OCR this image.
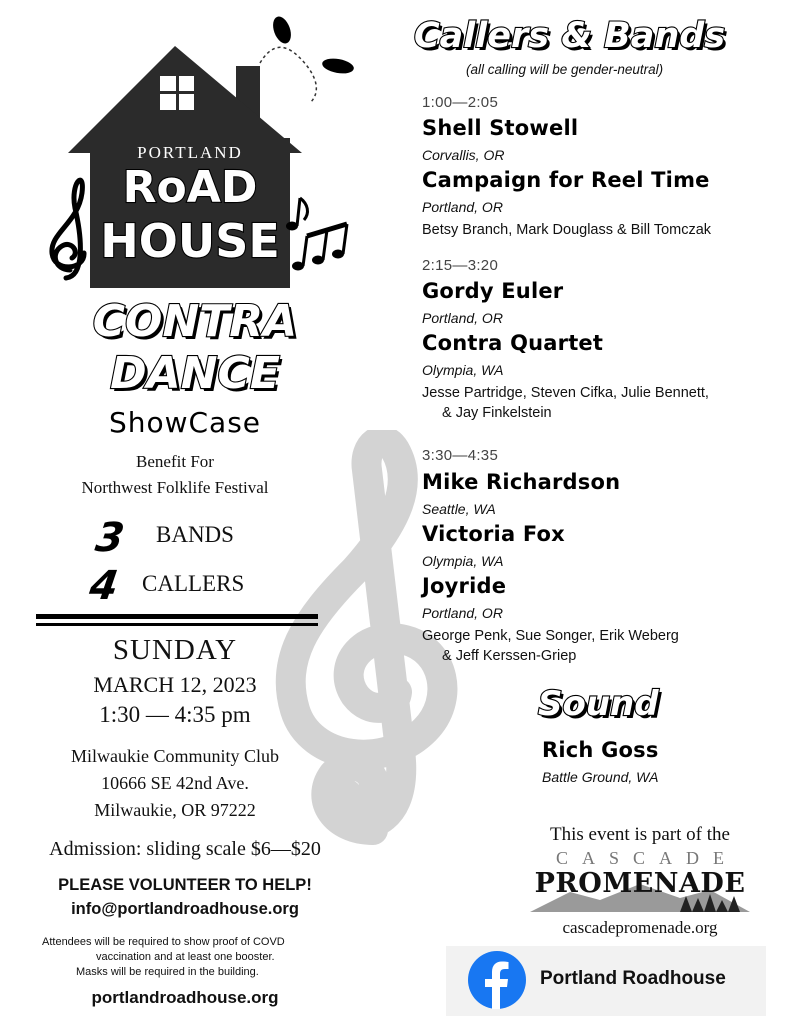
PORTLAND
RoAD
HOUSE
CONTRA
DANCE
ShowCase
Benefit For
Northwest Folklife Festival
3 BANDS
4 CALLERS
SUNDAY
MARCH 12, 2023
1:30 — 4:35 pm
Milwaukie Community Club
10666 SE 42nd Ave.
Milwaukie, OR 97222
Admission: sliding scale $6—$20
PLEASE VOLUNTEER TO HELP!
info@portlandroadhouse.org
Attendees will be required to show proof of COVD
vaccination and at least one booster.
Masks will be required in the building.
portlandroadhouse.org
Callers & Bands
(all calling will be gender-neutral)
1:00—2:05
Shell Stowell
Corvallis, OR
Campaign for Reel Time
Portland, OR
Betsy Branch, Mark Douglass & Bill Tomczak
2:15—3:20
Gordy Euler
Portland, OR
Contra Quartet
Olympia, WA
Jesse Partridge, Steven Cifka, Julie Bennett,
& Jay Finkelstein
3:30—4:35
Mike Richardson
Seattle, WA
Victoria Fox
Olympia, WA
Joyride
Portland, OR
George Penk, Sue Songer, Erik Weberg
& Jeff Kerssen-Griep
Sound
Rich Goss
Battle Ground, WA
This event is part of the
CASCADE
PROMENADE
cascadepromenade.org
Portland Roadhouse
